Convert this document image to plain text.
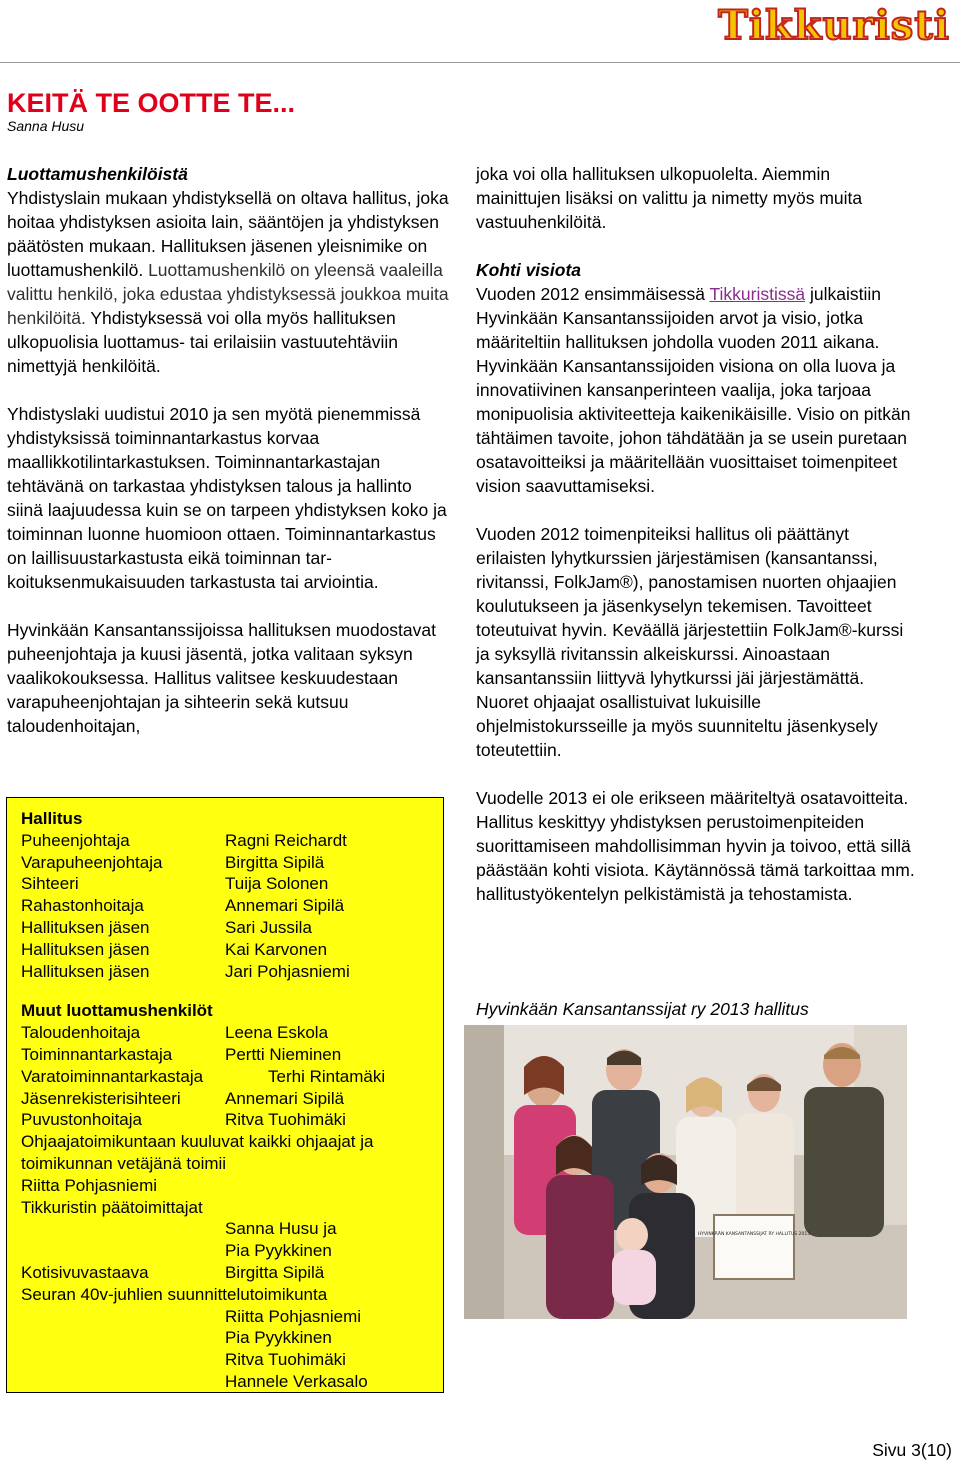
Tikkuristi
KEITÄ TE OOTTE TE...

Sanna Husu

Luottamushenkilöistä

Yhdistyslain mukaan yhdistyksellä on oltava hallitus, joka hoitaa yhdistyksen asioita lain, sääntöjen ja yhdistyksen päätösten mukaan. Hallituksen jäsenen yleisnimike on luottamushenkilö. Luottamushenkilö on yleensä vaaleilla valittu henkilö, joka edustaa yhdistyksessä joukkoa muita henkilöitä. Yhdistyksessä voi olla myös hallituksen ulkopuolisia luottamus- tai erilaisiin vastuutehtäviin nimettyjä henkilöitä.

Yhdistyslaki uudistui 2010 ja sen myötä pienemmissä yhdistyksissä toiminnantarkastus korvaa maallikkotilintarkastuksen. Toiminnantarkastajan tehtävänä on tarkastaa yhdistyksen talous ja hallinto siinä laajuudessa kuin se on tarpeen yhdistyksen koko ja toiminnan luonne huomioon ottaen. Toiminnantarkastus on laillisuustarkastusta eikä toiminnan tarkoituksenmukaisuuden tarkastusta tai arviointia.

Hyvinkään Kansantanssijoissa hallituksen muodostavat puheenjohtaja ja kuusi jäsentä, jotka valitaan syksyn vaalikokouksessa. Hallitus valitsee keskuudestaan varapuheenjohtajan ja sihteerin sekä kutsuu taloudenhoitajan,

Hallitus
Puheenjohtaja	Ragni Reichardt
Varapuheenjohtaja	Birgitta Sipilä
Sihteeri	Tuija Solonen
Rahastonhoitaja	Annemari Sipilä
Hallituksen jäsen	Sari Jussila
Hallituksen jäsen	Kai Karvonen
Hallituksen jäsen	Jari Pohjasniemi
Muut luottamushenkilöt
Taloudenhoitaja	Leena Eskola
Toiminnantarkastaja	Pertti Nieminen
Varatoiminnantarkastaja	Terhi Rintamäki
Jäsenrekisterisihteeri	Annemari Sipilä
Puvustonhoitaja	Ritva Tuohimäki
Ohjaajatoimikuntaan kuuluvat kaikki ohjaajat ja
toimikunnan vetäjänä toimii
Riitta Pohjasniemi
Tikkuristin päätoimittajat
Sanna Husu ja
Pia Pyykkinen
Kotisivuvastaava	Birgitta Sipilä
Seuran 40v-juhlien suunnittelutoimikunta
Riitta Pohjasniemi
Pia Pyykkinen
Ritva Tuohimäki
Hannele Verkasalo

joka voi olla hallituksen ulkopuolelta. Aiemmin mainittujen lisäksi on valittu ja nimetty myös muita vastuuhenkilöitä.

Kohti visiota

Vuoden 2012 ensimmäisessä Tikkuristissä julkaistiin Hyvinkään Kansantanssijoiden arvot ja visio, jotka määriteltiin hallituksen johdolla vuoden 2011 aikana. Hyvinkään Kansantanssijoiden visiona on olla luova ja innovatiivinen kansanperinteen vaalija, joka tarjoaa monipuolisia aktiviteetteja kaikenikäisille. Visio on pitkän tähtäimen tavoite, johon tähdätään ja se usein puretaan osatavoitteiksi ja määritellään vuosittaiset toimenpiteet vision saavuttamiseksi.

Vuoden 2012 toimenpiteiksi hallitus oli päättänyt erilaisten lyhytkurssien järjestämisen (kansantanssi, rivitanssi, FolkJam®), panostamisen nuorten ohjaajien koulutukseen ja jäsenkyselyn tekemisen. Tavoitteet toteutuivat hyvin. Keväällä järjestettiin FolkJam®-kurssi ja syksyllä rivitanssin alkeiskurssi. Ainoastaan kansantanssiin liittyvä lyhytkurssi jäi järjestämättä. Nuoret ohjaajat osallistuivat lukuisille ohjelmistokursseille ja myös suunniteltu jäsenkysely toteutettiin.

Vuodelle 2013 ei ole erikseen määriteltyä osatavoitteita. Hallitus keskittyy yhdistyksen perustoimenpiteiden suorittamiseen mahdollisimman hyvin ja toivoo, että sillä päästään kohti visiota. Käytännössä tämä tarkoittaa mm. hallitustyökentelyn pelkistämistä ja tehostamista.

Hyvinkään Kansantanssijat ry 2013 hallitus

HYVINKÄÄN KANSANTANSSIJAT RY HALLITUS 2013

Sivu 3(10)
